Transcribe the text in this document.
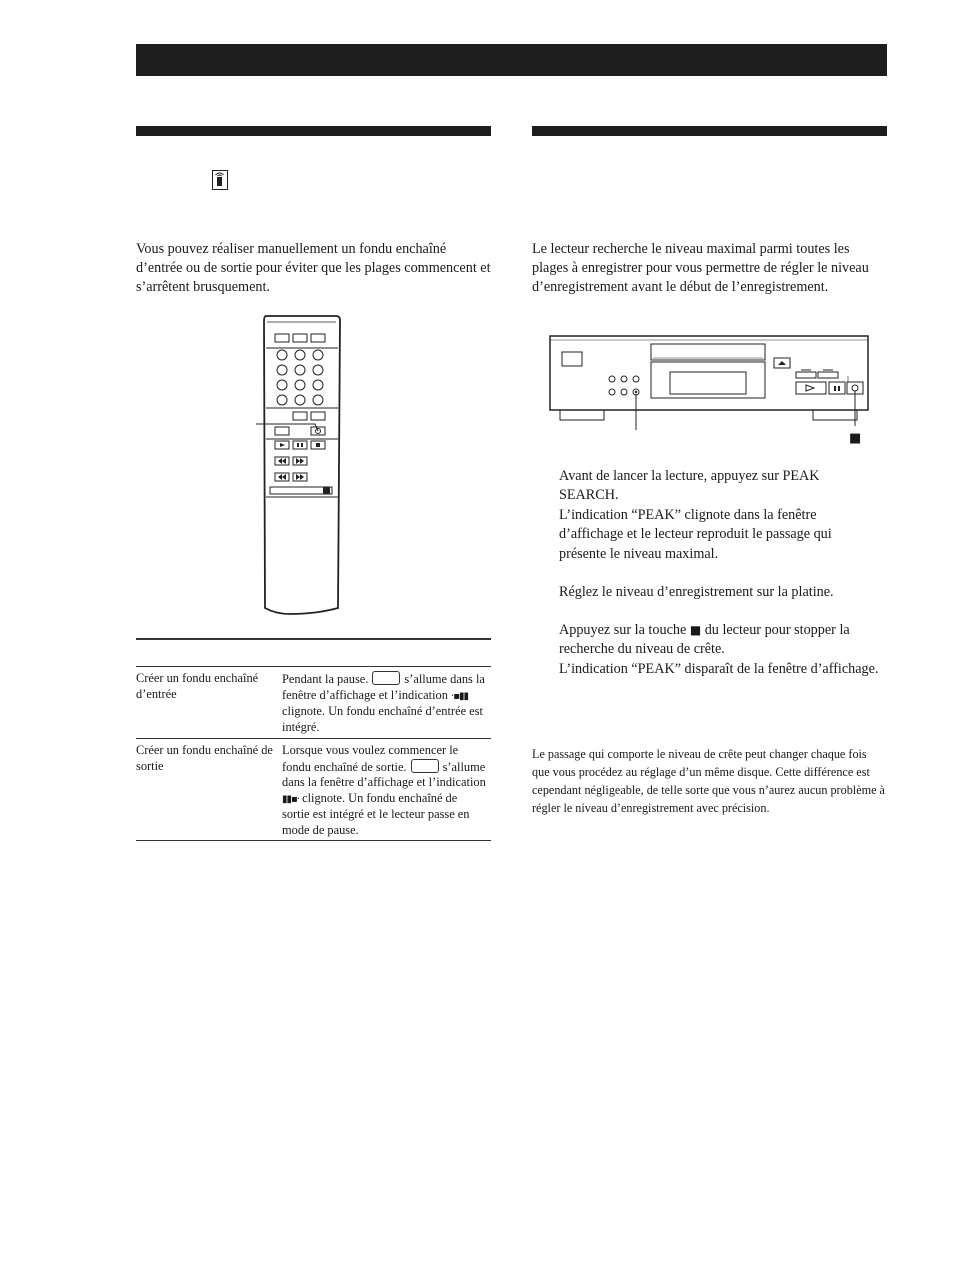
Vous pouvez réaliser manuellement un fondu enchaîné d’entrée ou de sortie pour éviter que les plages commencent et s’arrêtent brusquement.
Créer un fondu enchaîné d’entrée
Pendant la pause.	s’allume dans la fenêtre d’affichage et l’indication ·▪▮▮ clignote. Un fondu enchaîné d’entrée est intégré.
Créer un fondu enchaîné de sortie
Lorsque vous voulez commencer le fondu enchaîné de sortie.	s’allume dans la fenêtre d’affichage et l’indication ▮▮▪· clignote. Un fondu enchaîné de sortie est intégré et le lecteur passe en mode de pause.
Le lecteur recherche le niveau maximal parmi toutes les plages à enregistrer pour vous permettre de régler le niveau d’enregistrement avant le début de l’enregistrement.
■
Avant de lancer la lecture, appuyez sur PEAK SEARCH.
L’indication “PEAK” clignote dans la fenêtre d’affichage et le lecteur reproduit le passage qui présente le niveau maximal.
Réglez le niveau d’enregistrement sur la platine.
Appuyez sur la touche ■ du lecteur pour stopper la recherche du niveau de crête.
L’indication “PEAK” disparaît de la fenêtre d’affichage.
Le passage qui comporte le niveau de crête peut changer chaque fois que vous procédez au réglage d’un même disque. Cette différence est cependant négligeable, de telle sorte que vous n’aurez aucun problème à régler le niveau d’enregistrement avec précision.
